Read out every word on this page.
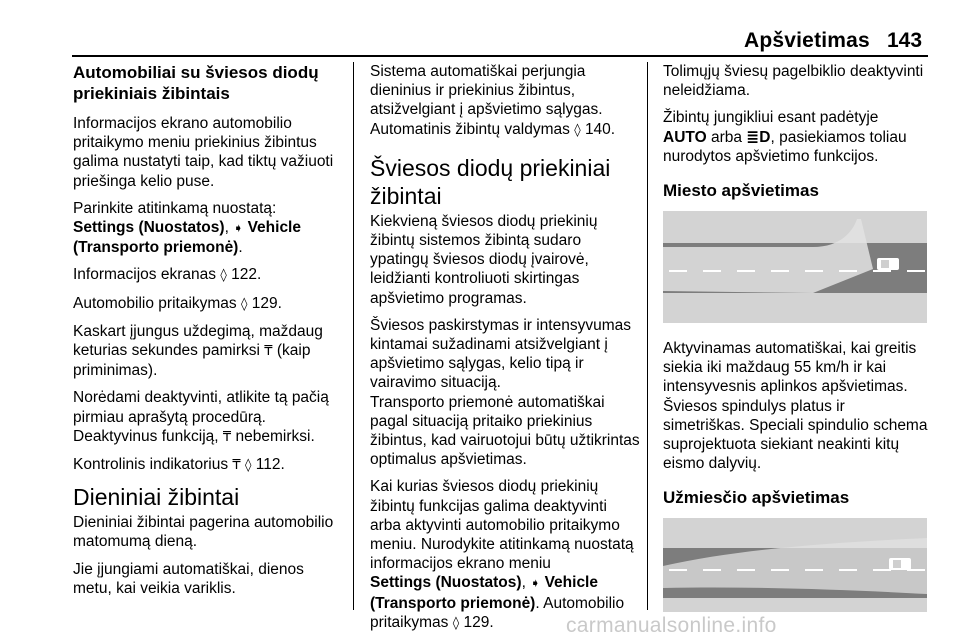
Apšvietimas 143
Automobiliai su šviesos diodų priekiniais žibintais

Informacijos ekrano automobilio pritaikymo meniu priekinius žibintus galima nustatyti taip, kad tiktų važiuoti priešinga kelio puse.

Parinkite atitinkamą nuostatą:
Settings (Nuostatos), ➧ Vehicle (Transporto priemonė).

Informacijos ekranas ◊ 122.

Automobilio pritaikymas ◊ 129.

Kaskart įjungus uždegimą, maždaug keturias sekundes pamirksi ₸ (kaip priminimas).

Norėdami deaktyvinti, atlikite tą pačią pirmiau aprašytą procedūrą.

Deaktyvinus funkciją, ₸ nebemirksi.

Kontrolinis indikatorius ₸ ◊ 112.

Dieniniai žibintai

Dieniniai žibintai pagerina automobilio matomumą dieną.

Jie įjungiami automatiškai, dienos metu, kai veikia variklis.

Sistema automatiškai perjungia dieninius ir priekinius žibintus, atsižvelgiant į apšvietimo sąlygas.
Automatinis žibintų valdymas ◊ 140.

Šviesos diodų priekiniai žibintai

Kiekvieną šviesos diodų priekinių žibintų sistemos žibintą sudaro ypatingų šviesos diodų įvairovė, leidžianti kontroliuoti skirtingas apšvietimo programas.

Šviesos paskirstymas ir intensyvumas kintamai sužadinami atsižvelgiant į apšvietimo sąlygas, kelio tipą ir vairavimo situaciją.

Transporto priemonė automatiškai pagal situaciją pritaiko priekinius žibintus, kad vairuotojui būtų užtikrintas optimalus apšvietimas.

Kai kurias šviesos diodų priekinių žibintų funkcijas galima deaktyvinti arba aktyvinti automobilio pritaikymo meniu. Nurodykite atitinkamą nuostatą informacijos ekrano meniu
Settings (Nuostatos), ➧ Vehicle (Transporto priemonė). Automobilio pritaikymas ◊ 129.

Tolimųjų šviesų pagelbiklio deaktyvinti neleidžiama.

Žibintų jungikliui esant padėtyje
AUTO arba ≣D, pasiekiamos toliau nurodytos apšvietimo funkcijos.

Miesto apšvietimas

Aktyvinamas automatiškai, kai greitis siekia iki maždaug 55 km/h ir kai intensyvesnis aplinkos apšvietimas. Šviesos spindulys platus ir simetriškas. Speciali spindulio schema suprojektuota siekiant neakinti kitų eismo dalyvių.

Užmiesčio apšvietimas
carmanualsonline.info
